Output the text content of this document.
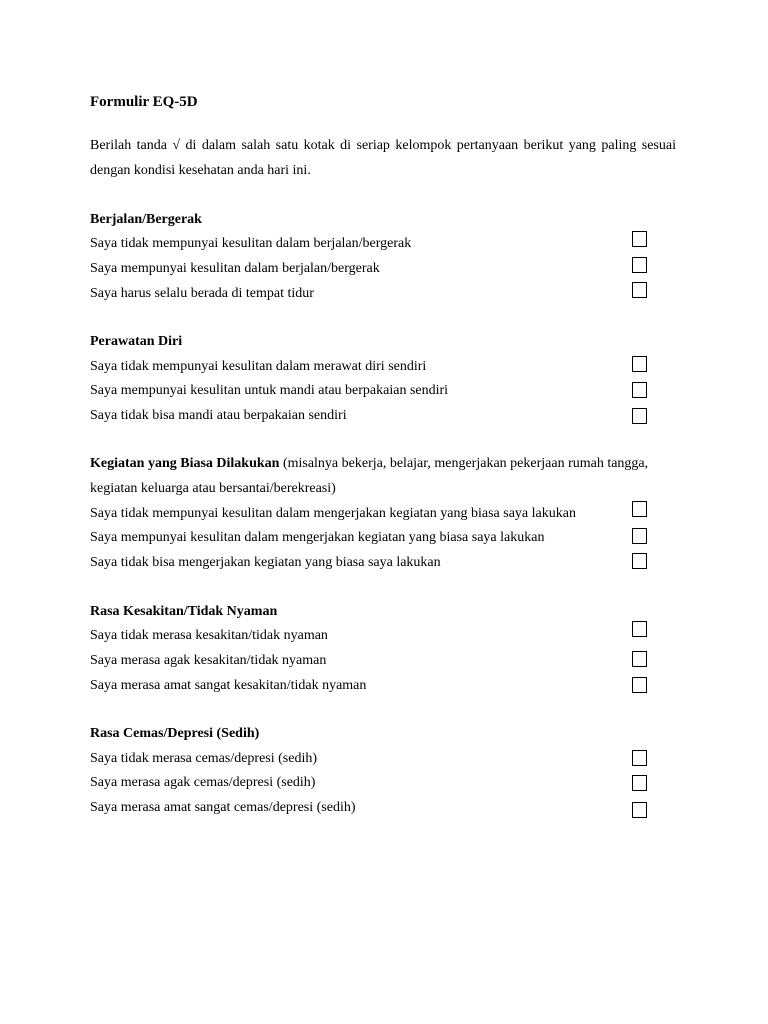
Formulir EQ-5D
Berilah tanda √ di dalam salah satu kotak di seriap kelompok pertanyaan berikut yang paling sesuai dengan kondisi kesehatan anda hari ini.
Berjalan/Bergerak
Saya tidak mempunyai kesulitan dalam berjalan/bergerak
Saya mempunyai kesulitan dalam berjalan/bergerak
Saya harus selalu berada di tempat tidur
Perawatan Diri
Saya tidak mempunyai kesulitan dalam merawat diri sendiri
Saya mempunyai kesulitan untuk mandi atau berpakaian sendiri
Saya tidak bisa mandi atau berpakaian sendiri
Kegiatan yang Biasa Dilakukan (misalnya bekerja, belajar, mengerjakan pekerjaan rumah tangga, kegiatan keluarga atau bersantai/berekreasi)
Saya tidak mempunyai kesulitan dalam mengerjakan kegiatan yang biasa saya lakukan
Saya mempunyai kesulitan dalam mengerjakan kegiatan yang biasa saya lakukan
Saya tidak bisa mengerjakan kegiatan yang biasa saya lakukan
Rasa Kesakitan/Tidak Nyaman
Saya tidak merasa kesakitan/tidak nyaman
Saya merasa agak kesakitan/tidak nyaman
Saya merasa amat sangat kesakitan/tidak nyaman
Rasa Cemas/Depresi (Sedih)
Saya tidak merasa cemas/depresi (sedih)
Saya merasa agak cemas/depresi (sedih)
Saya merasa amat sangat cemas/depresi (sedih)
